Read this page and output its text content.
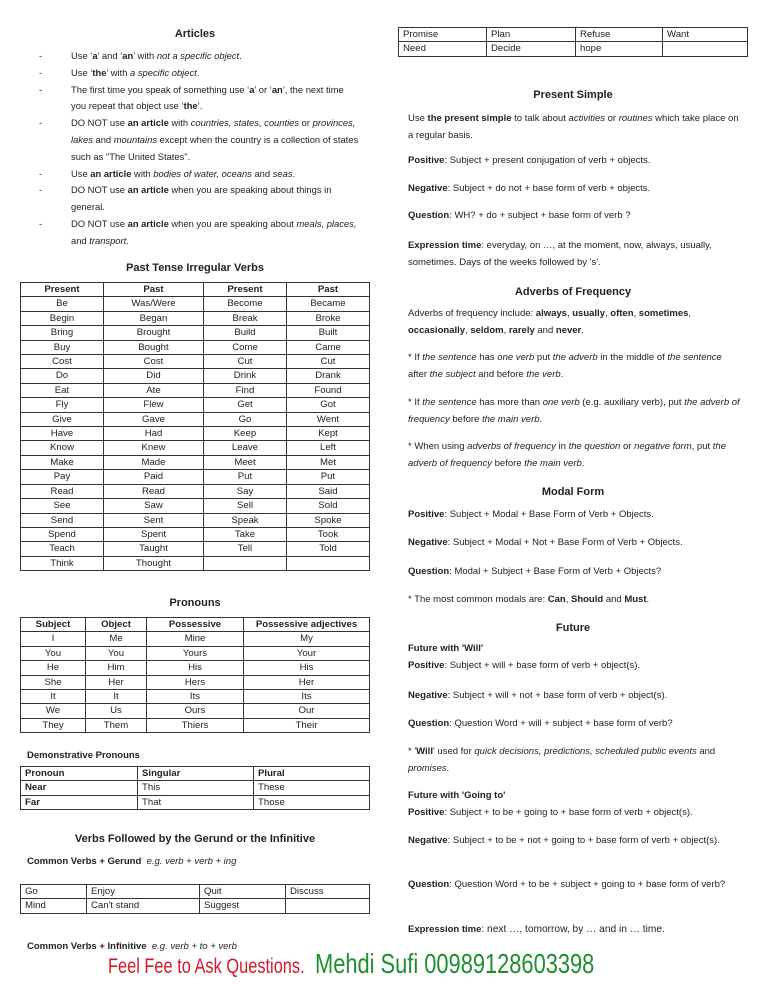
Articles
-	Use ‘a’ and ‘an’ with not a specific object.
-	Use ‘the’ with a specific object.
-	The first time you speak of something use ‘a’ or ‘an’, the next time you repeat that object use ‘the’.
-	DO NOT use an article with countries, states, counties or provinces, lakes and mountains except when the country is a collection of states such as "The United States".
-	Use an article with bodies of water, oceans and seas.
-	DO NOT use an article when you are speaking about things in general.
-	DO NOT use an article when you are speaking about meals, places, and transport.
Past Tense Irregular Verbs
Present	Past	Present	Past
Be	Was/Were	Become	Became
Begin	Began	Break	Broke
Bring	Brought	Build	Built
Buy	Bought	Come	Came
Cost	Cost	Cut	Cut
Do	Did	Drink	Drank
Eat	Ate	Find	Found
Fly	Flew	Get	Got
Give	Gave	Go	Went
Have	Had	Keep	Kept
Know	Knew	Leave	Left
Make	Made	Meet	Met
Pay	Paid	Put	Put
Read	Read	Say	Said
See	Saw	Sell	Sold
Send	Sent	Speak	Spoke
Spend	Spent	Take	Took
Teach	Taught	Tell	Told
Think	Thought		
Pronouns
Subject	Object	Possessive	Possessive adjectives
I	Me	Mine	My
You	You	Yours	Your
He	Him	His	His
She	Her	Hers	Her
It	It	Its	Its
We	Us	Ours	Our
They	Them	Thiers	Their
Demonstrative Pronouns
Pronoun	Singular	Plural
Near	This	These
Far	That	Those
Verbs Followed by the Gerund or the Infinitive
Common Verbs + Gerund e.g. verb + verb + ing
Go	Enjoy	Quit	Discuss
Mind	Can't stand	Suggest	
Common Verbs + Infinitive e.g. verb + to + verb
Promise	Plan	Refuse	Want
Need	Decide	hope	
Present Simple

Use the present simple to talk about activities or routines which take place on a regular basis.

Positive: Subject + present conjugation of verb + objects.

Negative: Subject + do not + base form of verb + objects.

Question: WH? + do + subject + base form of verb ?

Expression time: everyday, on …, at the moment, now, always, usually, sometimes. Days of the weeks followed by 's'.

Adverbs of Frequency

Adverbs of frequency include: always, usually, often, sometimes, occasionally, seldom, rarely and never.

* If the sentence has one verb put the adverb in the middle of the sentence after the subject and before the verb.

* If the sentence has more than one verb (e.g. auxiliary verb), put the adverb of frequency before the main verb.

* When using adverbs of frequency in the question or negative form, put the adverb of frequency before the main verb.

Modal Form

Positive: Subject + Modal + Base Form of Verb + Objects.

Negative: Subject + Modal + Not + Base Form of Verb + Objects.

Question: Modal + Subject + Base Form of Verb + Objects?

* The most common modals are: Can, Should and Must.

Future

Future with 'Will'

Positive: Subject + will + base form of verb + object(s).

Negative: Subject + will + not + base form of verb + object(s).

Question: Question Word + will + subject + base form of verb?

* 'Will' used for quick decisions, predictions, scheduled public events and promises.

Future with 'Going to'

Positive: Subject + to be + going to + base form of verb + object(s).

Negative: Subject + to be + not + going to + base form of verb + object(s).

Question: Question Word + to be + subject + going to + base form of verb?

Expression time: next …, tomorrow, by … and in … time.

Feel Fee to Ask Questions. Mehdi Sufi 00989128603398
